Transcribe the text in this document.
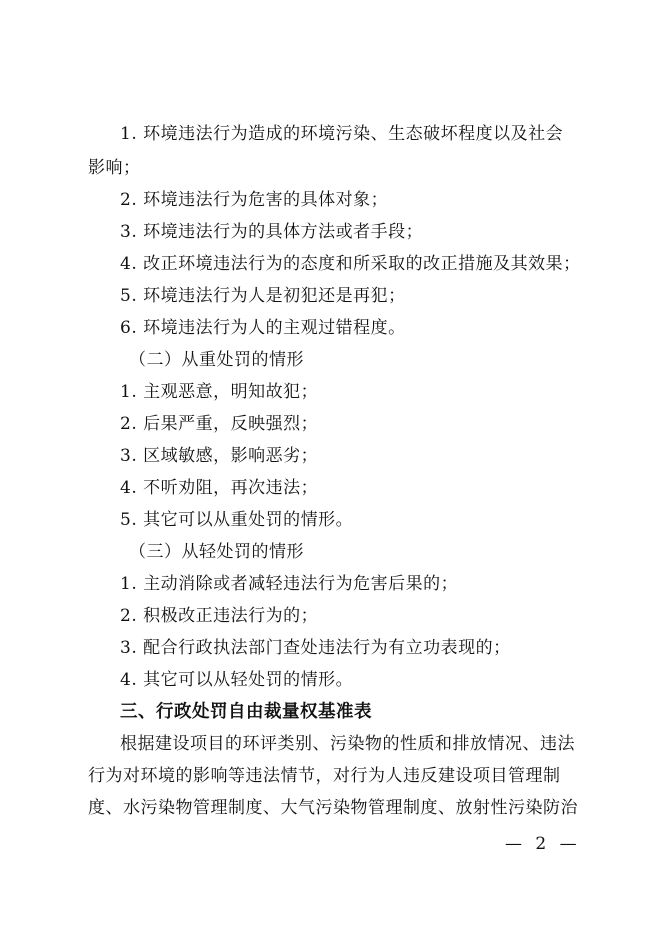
1. 环境违法行为造成的环境污染、生态破坏程度以及社会
影响；
2. 环境违法行为危害的具体对象；
3. 环境违法行为的具体方法或者手段；
4. 改正环境违法行为的态度和所采取的改正措施及其效果；
5. 环境违法行为人是初犯还是再犯；
6. 环境违法行为人的主观过错程度。
（二）从重处罚的情形
1. 主观恶意，明知故犯；
2. 后果严重，反映强烈；
3. 区域敏感，影响恶劣；
4. 不听劝阻，再次违法；
5. 其它可以从重处罚的情形。
（三）从轻处罚的情形
1. 主动消除或者减轻违法行为危害后果的；
2. 积极改正违法行为的；
3. 配合行政执法部门查处违法行为有立功表现的；
4. 其它可以从轻处罚的情形。
三、行政处罚自由裁量权基准表
根据建设项目的环评类别、污染物的性质和排放情况、违法
行为对环境的影响等违法情节，对行为人违反建设项目管理制
度、水污染物管理制度、大气污染物管理制度、放射性污染防治
— 2 —
